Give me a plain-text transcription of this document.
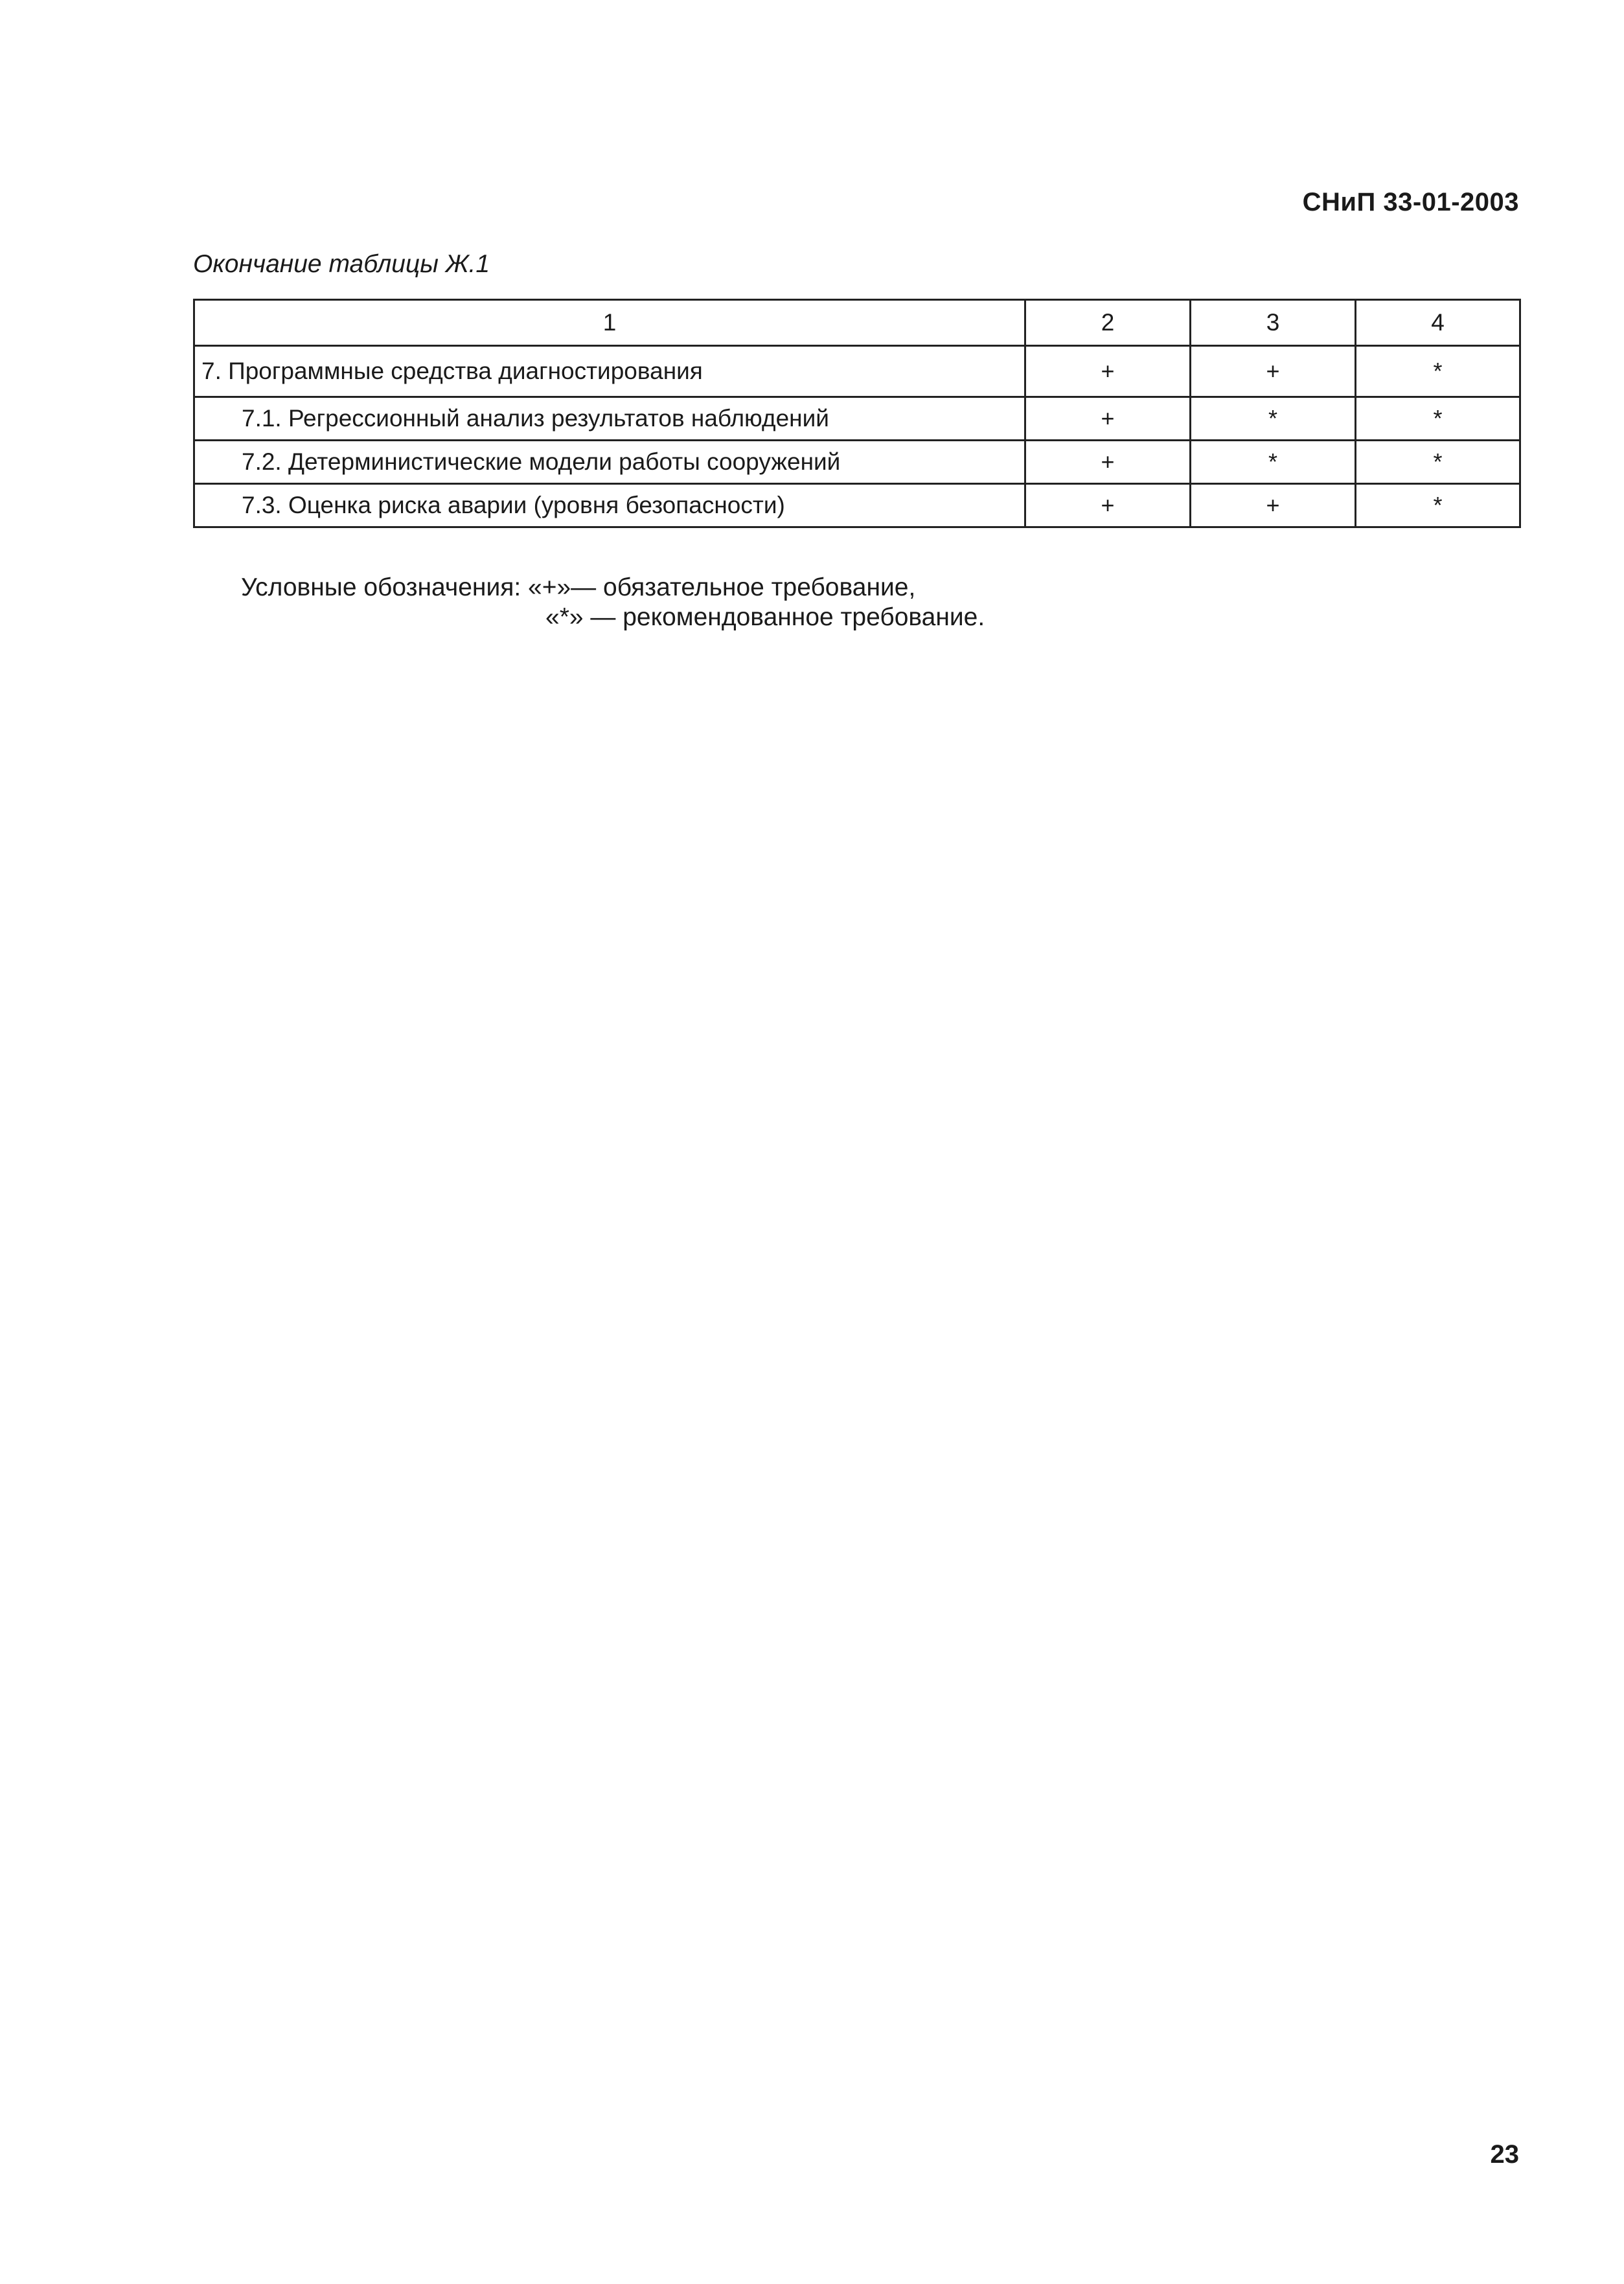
СНиП 33-01-2003
Окончание таблицы Ж.1
1	2	3	4
7. Программные средства диагностирования	+	+	*
7.1. Регрессионный анализ результатов наблюдений	+	*	*
7.2. Детерминистические модели работы сооружений	+	*	*
7.3. Оценка риска аварии (уровня безопасности)	+	+	*
Условные обозначения: «+»— обязательное требование,
«*» — рекомендованное требование.
23
